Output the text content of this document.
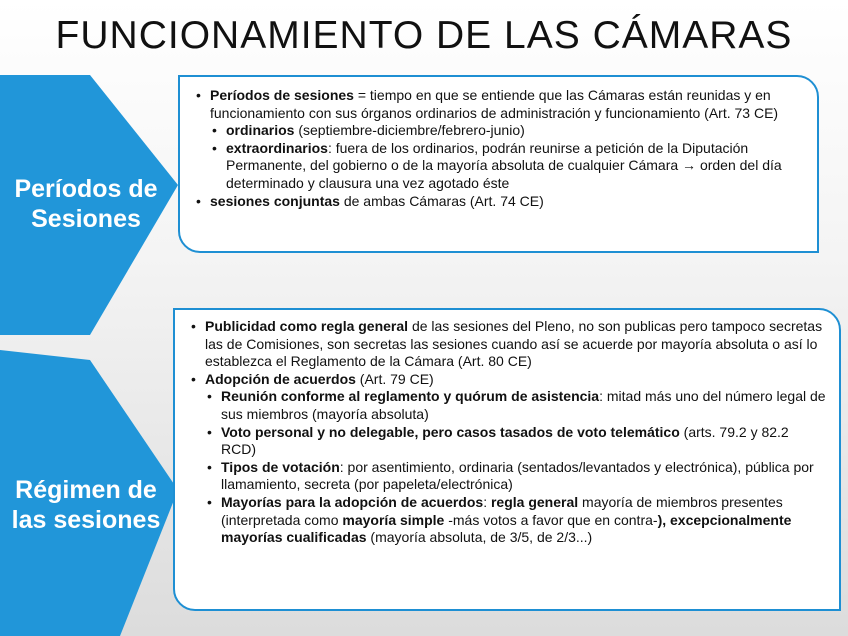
FUNCIONAMIENTO DE LAS CÁMARAS
Períodos de
Sesiones
Régimen de
las sesiones
• Períodos de sesiones = tiempo en que se entiende que las Cámaras están reunidas y en funcionamiento con sus órganos ordinarios de administración y funcionamiento (Art. 73 CE)
• ordinarios (septiembre-diciembre/febrero-junio)
• extraordinarios: fuera de los ordinarios, podrán reunirse a petición de la Diputación Permanente, del gobierno o de la mayoría absoluta de cualquier Cámara → orden del día determinado y clausura una vez agotado éste
• sesiones conjuntas de ambas Cámaras (Art. 74 CE)
• Publicidad como regla general de las sesiones del Pleno, no son publicas pero tampoco secretas las de Comisiones, son secretas las sesiones cuando así se acuerde por mayoría absoluta o así lo establezca el Reglamento de la Cámara (Art. 80 CE)
• Adopción de acuerdos (Art. 79 CE)
• Reunión conforme al reglamento y quórum de asistencia: mitad más uno del número legal de sus miembros (mayoría absoluta)
• Voto personal y no delegable, pero casos tasados de voto telemático (arts. 79.2 y 82.2 RCD)
• Tipos de votación: por asentimiento, ordinaria (sentados/levantados y electrónica), pública por llamamiento, secreta (por papeleta/electrónica)
• Mayorías para la adopción de acuerdos: regla general mayoría de miembros presentes (interpretada como mayoría simple -más votos a favor que en contra-), excepcionalmente mayorías cualificadas (mayoría absoluta, de 3/5, de 2/3...)
